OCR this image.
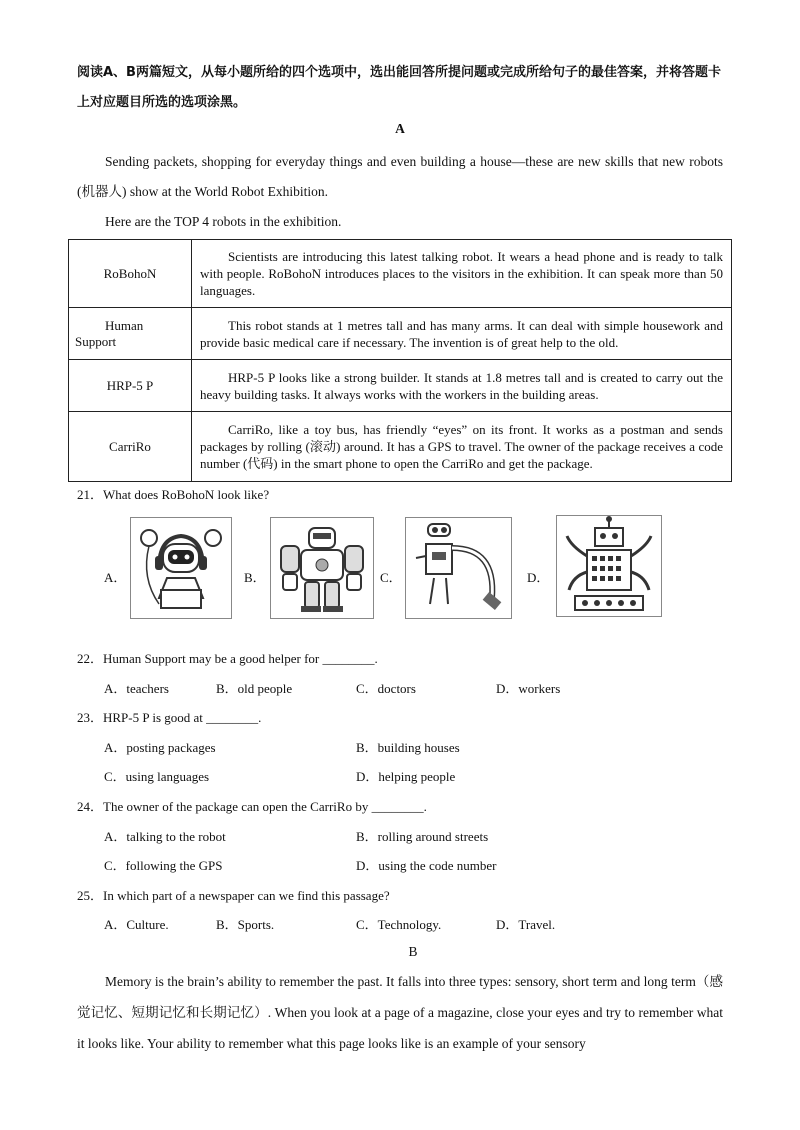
阅读A、B两篇短文，从每小题所给的四个选项中，选出能回答所提问题或完成所给句子的最佳答案，并将答题卡上对应题目所选的选项涂黑。
A
Sending packets, shopping for everyday things and even building a house—these are new skills that new robots (机器人) show at the World Robot Exhibition.
Here are the TOP 4 robots in the exhibition.
RoBohoN	Scientists are introducing this latest talking robot. It wears a head phone and is ready to talk with people. RoBohoN introduces places to the visitors in the exhibition. It can speak more than 50 languages.

Human
Support	This robot stands at 1 metres tall and has many arms. It can deal with simple housework and provide basic medical care if necessary. The invention is of great help to the old.

HRP-5 P	HRP-5 P looks like a strong builder. It stands at 1.8 metres tall and is created to carry out the heavy building tasks. It always works with the workers in the building areas.

CarriRo	CarriRo, like a toy bus, has friendly “eyes” on its front. It works as a postman and sends packages by rolling (滚动) around. It has a GPS to travel. The owner of the package receives a code number (代码) in the smart phone to open the CarriRo and get the package.
21．What does RoBohoN look like?
A．	B．	C．	D．
22．Human Support may be a good helper for ________.
A．teachers	B．old people	C．doctors	D．workers
23．HRP-5 P is good at ________.
A．posting packages	B．building houses
C．using languages	D．helping people
24．The owner of the package can open the CarriRo by ________.
A．talking to the robot	B．rolling around streets
C．following the GPS	D．using the code number
25．In which part of a newspaper can we find this passage?
A．Culture.	B．Sports.	C．Technology.	D．Travel.
B
Memory is the brain’s ability to remember the past. It falls into three types: sensory, short term and long term（感觉记忆、短期记忆和长期记忆）. When you look at a page of a magazine, close your eyes and try to remember what it looks like. Your ability to remember what this page looks like is an example of your sensory
